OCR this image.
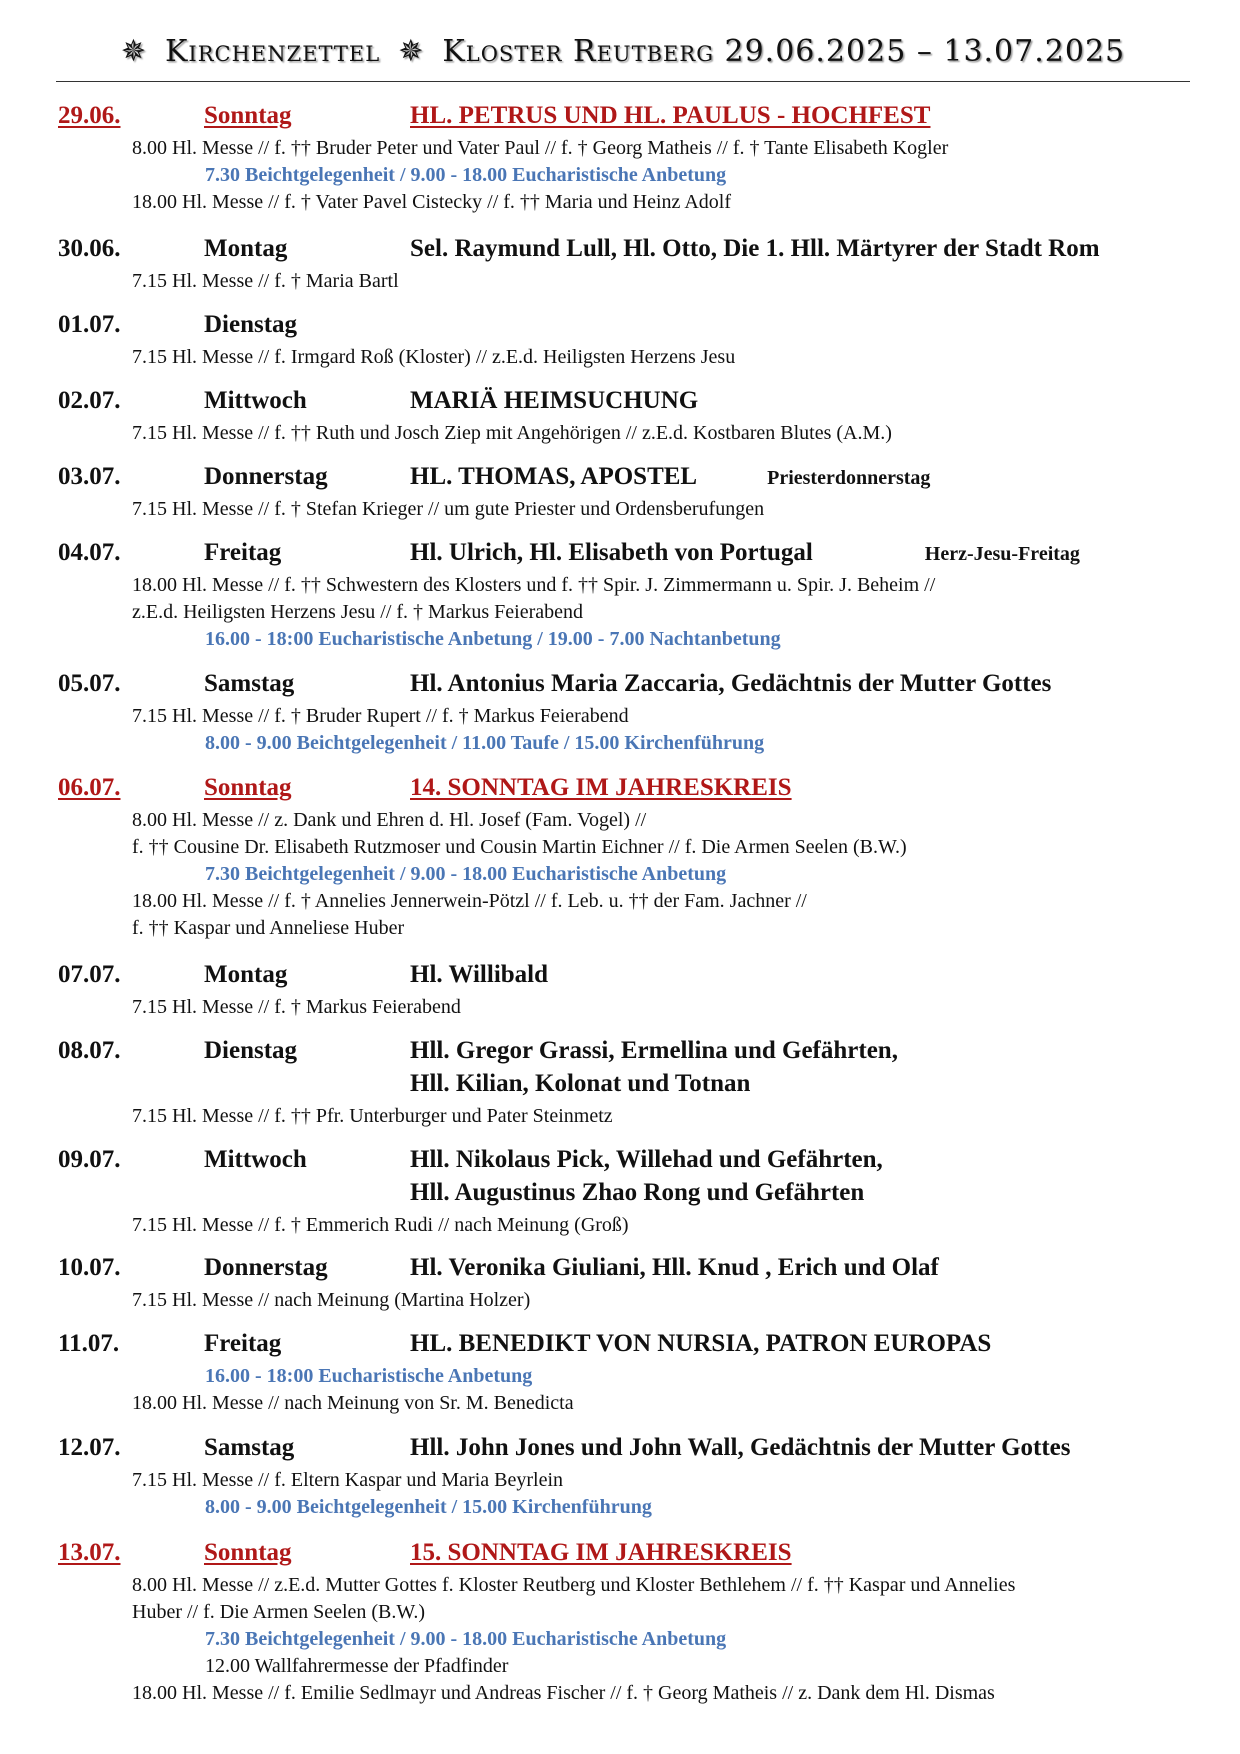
✵ Kirchenzettel ✵ Kloster Reutberg 29.06.2025 – 13.07.2025
29.06.	Sonntag	HL. PETRUS UND HL. PAULUS - HOCHFEST
8.00 Hl. Messe // f. †† Bruder Peter und Vater Paul // f. † Georg Matheis // f. † Tante Elisabeth Kogler
7.30 Beichtgelegenheit / 9.00 - 18.00 Eucharistische Anbetung
18.00 Hl. Messe // f. † Vater Pavel Cistecky // f. †† Maria und Heinz Adolf
30.06.	Montag	Sel. Raymund Lull, Hl. Otto, Die 1. Hll. Märtyrer der Stadt Rom
7.15 Hl. Messe // f. † Maria Bartl
01.07.	Dienstag
7.15 Hl. Messe // f. Irmgard Roß (Kloster) // z.E.d. Heiligsten Herzens Jesu
02.07.	Mittwoch	MARIÄ HEIMSUCHUNG
7.15 Hl. Messe // f. †† Ruth und Josch Ziep mit Angehörigen // z.E.d. Kostbaren Blutes (A.M.)
03.07.	Donnerstag	HL. THOMAS, APOSTEL	Priesterdonnerstag
7.15 Hl. Messe // f. † Stefan Krieger // um gute Priester und Ordensberufungen
04.07.	Freitag	Hl. Ulrich, Hl. Elisabeth von Portugal	Herz-Jesu-Freitag
18.00 Hl. Messe // f. †† Schwestern des Klosters und f. †† Spir. J. Zimmermann u. Spir. J. Beheim //
z.E.d. Heiligsten Herzens Jesu // f. † Markus Feierabend
16.00 - 18:00 Eucharistische Anbetung / 19.00 - 7.00 Nachtanbetung
05.07.	Samstag	Hl. Antonius Maria Zaccaria, Gedächtnis der Mutter Gottes
7.15 Hl. Messe // f. † Bruder Rupert // f. † Markus Feierabend
8.00 - 9.00 Beichtgelegenheit / 11.00 Taufe / 15.00 Kirchenführung
06.07.	Sonntag	14. SONNTAG IM JAHRESKREIS
8.00 Hl. Messe // z. Dank und Ehren d. Hl. Josef (Fam. Vogel) //
f. †† Cousine Dr. Elisabeth Rutzmoser und Cousin Martin Eichner // f. Die Armen Seelen (B.W.)
7.30 Beichtgelegenheit / 9.00 - 18.00 Eucharistische Anbetung
18.00 Hl. Messe // f. † Annelies Jennerwein-Pötzl // f. Leb. u. †† der Fam. Jachner //
f. †† Kaspar und Anneliese Huber
07.07.	Montag	Hl. Willibald
7.15 Hl. Messe // f. † Markus Feierabend
08.07.	Dienstag	Hll. Gregor Grassi, Ermellina und Gefährten,
Hll. Kilian, Kolonat und Totnan
7.15 Hl. Messe // f. †† Pfr. Unterburger und Pater Steinmetz
09.07.	Mittwoch	Hll. Nikolaus Pick, Willehad und Gefährten,
Hll. Augustinus Zhao Rong und Gefährten
7.15 Hl. Messe // f. † Emmerich Rudi // nach Meinung (Groß)
10.07.	Donnerstag	Hl. Veronika Giuliani, Hll. Knud , Erich und Olaf
7.15 Hl. Messe // nach Meinung (Martina Holzer)
11.07.	Freitag	HL. BENEDIKT VON NURSIA, PATRON EUROPAS
16.00 - 18:00 Eucharistische Anbetung
18.00 Hl. Messe // nach Meinung von Sr. M. Benedicta
12.07.	Samstag	Hll. John Jones und John Wall, Gedächtnis der Mutter Gottes
7.15 Hl. Messe // f. Eltern Kaspar und Maria Beyrlein
8.00 - 9.00 Beichtgelegenheit / 15.00 Kirchenführung
13.07.	Sonntag	15. SONNTAG IM JAHRESKREIS
8.00 Hl. Messe // z.E.d. Mutter Gottes f. Kloster Reutberg und Kloster Bethlehem // f. †† Kaspar und Annelies
Huber // f. Die Armen Seelen (B.W.)
7.30 Beichtgelegenheit / 9.00 - 18.00 Eucharistische Anbetung
12.00 Wallfahrermesse der Pfadfinder
18.00 Hl. Messe // f. Emilie Sedlmayr und Andreas Fischer // f. † Georg Matheis // z. Dank dem Hl. Dismas
